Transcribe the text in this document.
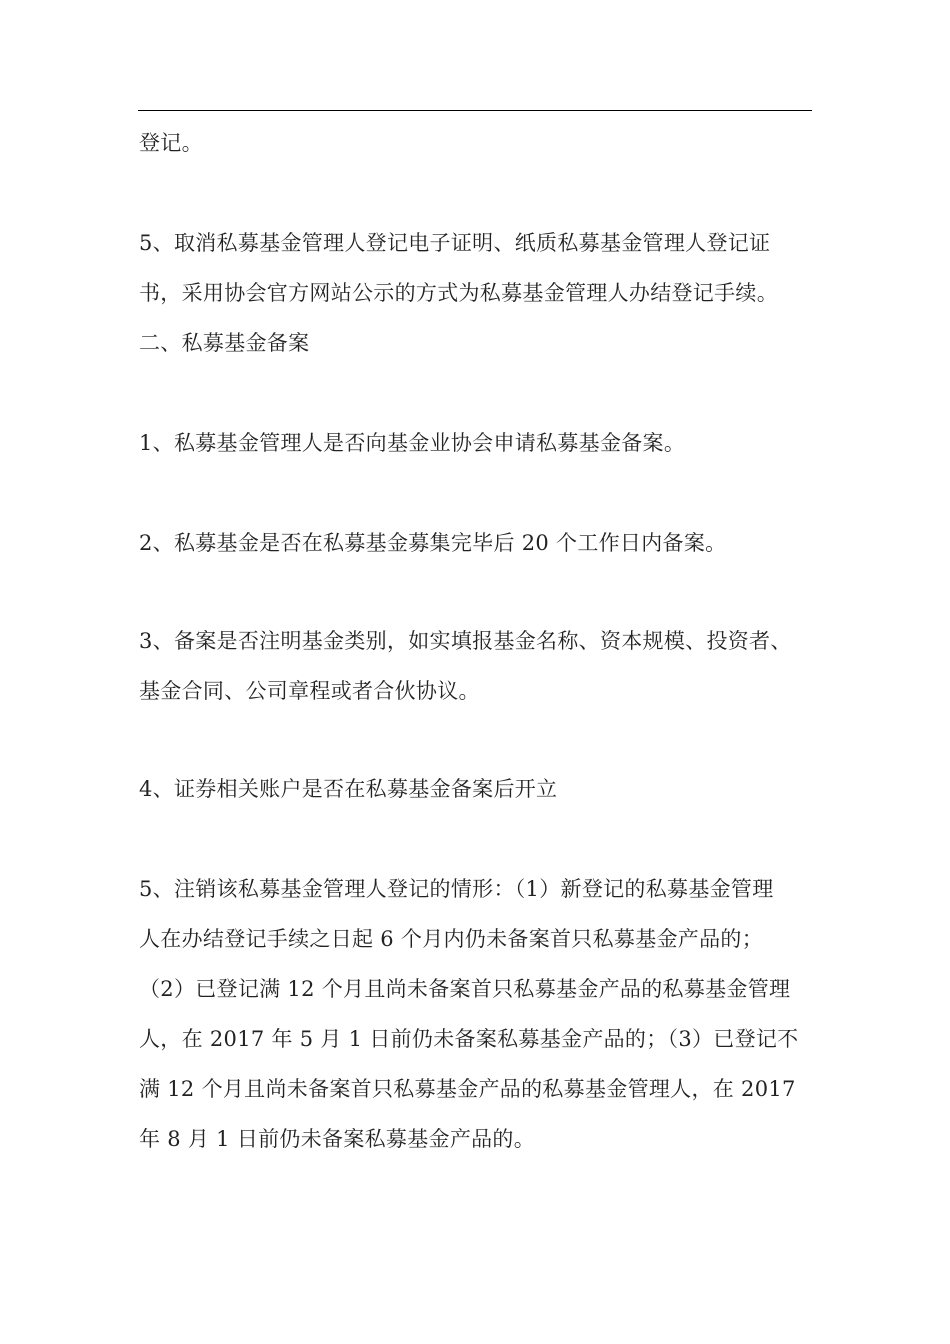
登记。
5、取消私募基金管理人登记电子证明、纸质私募基金管理人登记证
书，采用协会官方网站公示的方式为私募基金管理人办结登记手续。
二、私募基金备案
1、私募基金管理人是否向基金业协会申请私募基金备案。
2、私募基金是否在私募基金募集完毕后 20 个工作日内备案。
3、备案是否注明基金类别，如实填报基金名称、资本规模、投资者、
基金合同、公司章程或者合伙协议。
4、证券相关账户是否在私募基金备案后开立
5、注销该私募基金管理人登记的情形：（1）新登记的私募基金管理
人在办结登记手续之日起 6 个月内仍未备案首只私募基金产品的；
（2）已登记满 12 个月且尚未备案首只私募基金产品的私募基金管理
人，在 2017 年 5 月 1 日前仍未备案私募基金产品的；（3）已登记不
满 12 个月且尚未备案首只私募基金产品的私募基金管理人，在 2017
年 8 月 1 日前仍未备案私募基金产品的。
